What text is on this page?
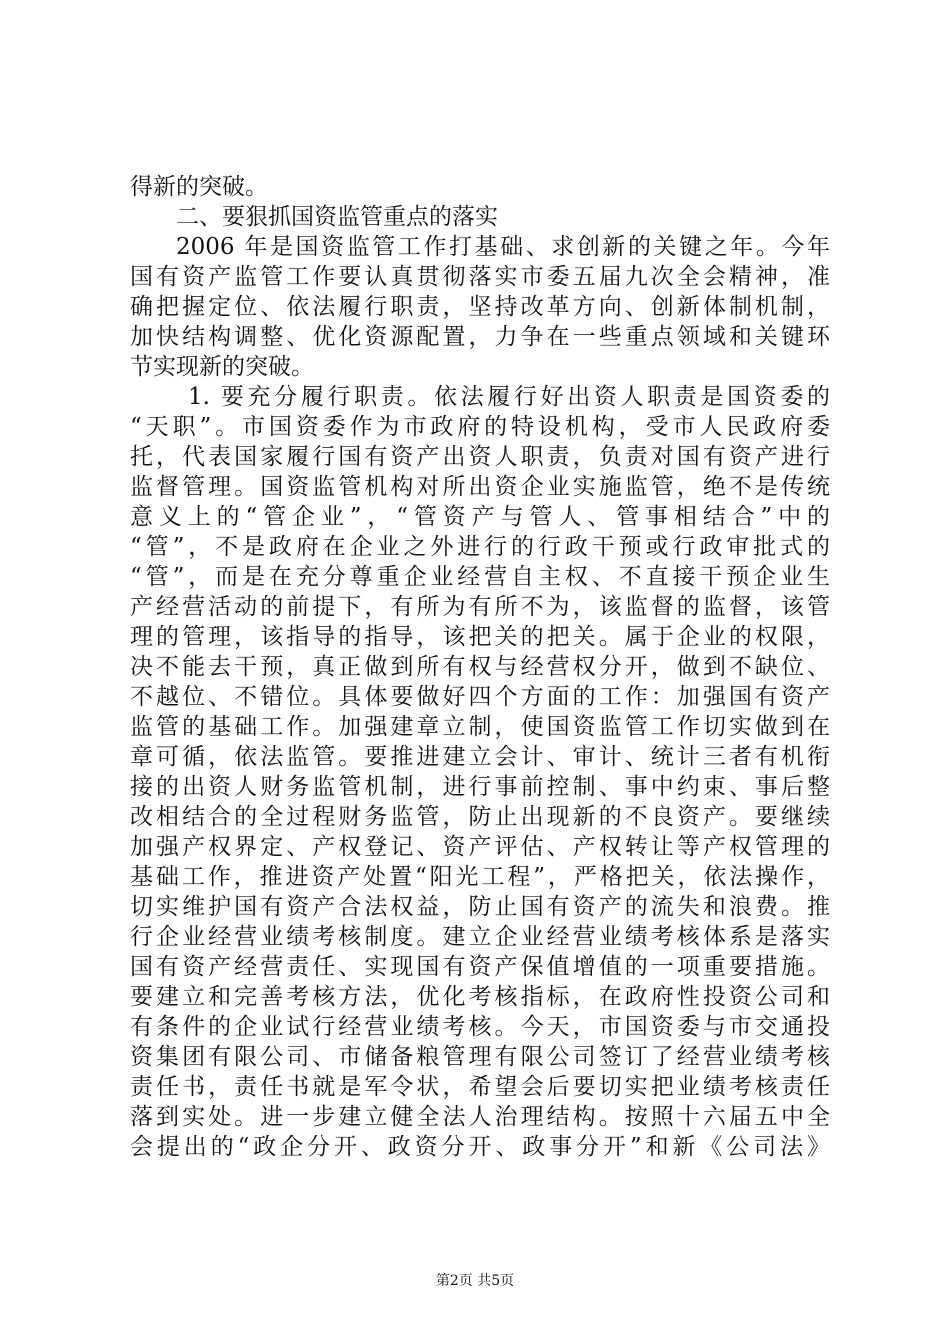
得新的突破。
二、要狠抓国资监管重点的落实
2006 年是国资监管工作打基础、求创新的关键之年。今年
国有资产监管工作要认真贯彻落实市委五届九次全会精神，准
确把握定位、依法履行职责，坚持改革方向、创新体制机制，
加快结构调整、优化资源配置，力争在一些重点领域和关键环
节实现新的突破。
1. 要充分履行职责。依法履行好出资人职责是国资委的
“天职”。市国资委作为市政府的特设机构，受市人民政府委
托，代表国家履行国有资产出资人职责，负责对国有资产进行
监督管理。国资监管机构对所出资企业实施监管，绝不是传统
意义上的“管企业”，“管资产与管人、管事相结合”中的
“管”，不是政府在企业之外进行的行政干预或行政审批式的
“管”，而是在充分尊重企业经营自主权、不直接干预企业生
产经营活动的前提下，有所为有所不为，该监督的监督，该管
理的管理，该指导的指导，该把关的把关。属于企业的权限，
决不能去干预，真正做到所有权与经营权分开，做到不缺位、
不越位、不错位。具体要做好四个方面的工作：加强国有资产
监管的基础工作。加强建章立制，使国资监管工作切实做到在
章可循，依法监管。要推进建立会计、审计、统计三者有机衔
接的出资人财务监管机制，进行事前控制、事中约束、事后整
改相结合的全过程财务监管，防止出现新的不良资产。要继续
加强产权界定、产权登记、资产评估、产权转让等产权管理的
基础工作，推进资产处置“阳光工程”，严格把关，依法操作，
切实维护国有资产合法权益，防止国有资产的流失和浪费。推
行企业经营业绩考核制度。建立企业经营业绩考核体系是落实
国有资产经营责任、实现国有资产保值增值的一项重要措施。
要建立和完善考核方法，优化考核指标，在政府性投资公司和
有条件的企业试行经营业绩考核。今天，市国资委与市交通投
资集团有限公司、市储备粮管理有限公司签订了经营业绩考核
责任书，责任书就是军令状，希望会后要切实把业绩考核责任
落到实处。进一步建立健全法人治理结构。按照十六届五中全
会提出的“政企分开、政资分开、政事分开”和新《公司法》
第2页 共5页
